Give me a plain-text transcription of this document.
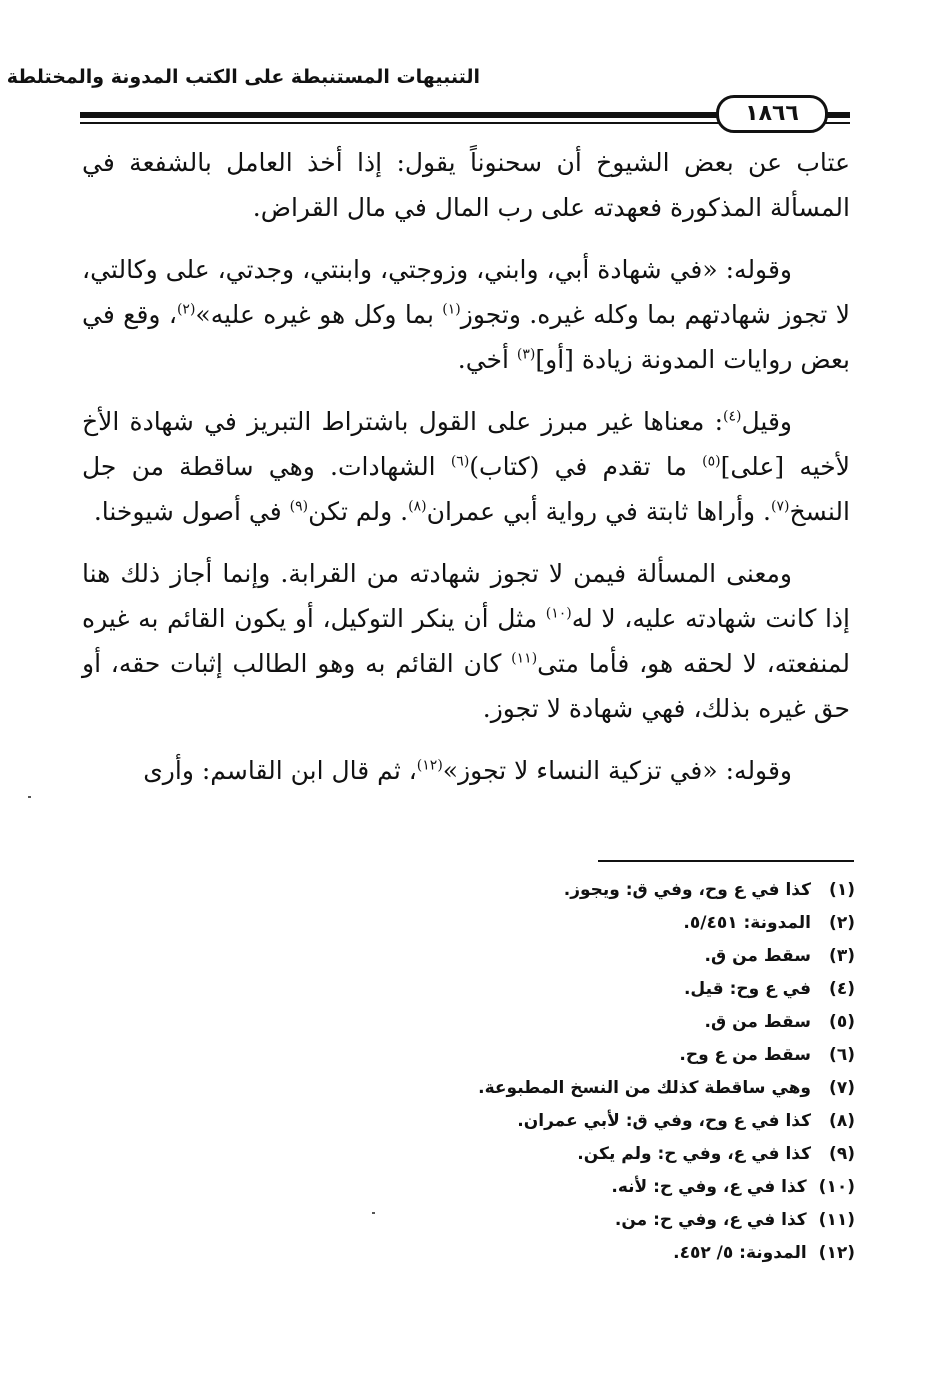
التنبيهات المستنبطة على الكتب المدونة والمختلطة
١٨٦٦

عتاب عن بعض الشيوخ أن سحنوناً يقول: إذا أخذ العامل بالشفعة في المسألة المذكورة فعهدته على رب المال في مال القراض.

وقوله: «في شهادة أبي، وابني، وزوجتي، وابنتي، وجدتي، على وكالتي، لا تجوز شهادتهم بما وكله غيره. وتجوز$^{(١)}$ بما وكل هو غيره عليه»$^{(٢)}$، وقع في بعض روايات المدونة زيادة [أو]$^{(٣)}$ أخي.

وقيل$^{(٤)}$: معناها غير مبرز على القول باشتراط التبريز في شهادة الأخ لأخيه [على]$^{(٥)}$ ما تقدم في (كتاب)$^{(٦)}$ الشهادات. وهي ساقطة من جل النسخ$^{(٧)}$. وأراها ثابتة في رواية أبي عمران$^{(٨)}$. ولم تكن$^{(٩)}$ في أصول شيوخنا.

ومعنى المسألة فيمن لا تجوز شهادته من القرابة. وإنما أجاز ذلك هنا إذا كانت شهادته عليه، لا له$^{(١٠)}$ مثل أن ينكر التوكيل، أو يكون القائم به غيره لمنفعته، لا لحقه هو، فأما متى$^{(١١)}$ كان القائم به وهو الطالب إثبات حقه، أو حق غيره بذلك، فهي شهادة لا تجوز.

وقوله: «في تزكية النساء لا تجوز»$^{(١٢)}$، ثم قال ابن القاسم: وأرى

(١)كذا في ع وح، وفي ق: ويجوز.
(٢)المدونة: ٥/٤٥١.
(٣)سقط من ق.
(٤)في ع وح: قيل.
(٥)سقط من ق.
(٦)سقط من ع وح.
(٧)وهي ساقطة كذلك من النسخ المطبوعة.
(٨)كذا في ع وح، وفي ق: لأبي عمران.
(٩)كذا في ع، وفي ح: ولم يكن.
(١٠)كذا في ع، وفي ح: لأنه.
(١١)كذا في ع، وفي ح: من.
(١٢)المدونة: ٥/ ٤٥٢.
